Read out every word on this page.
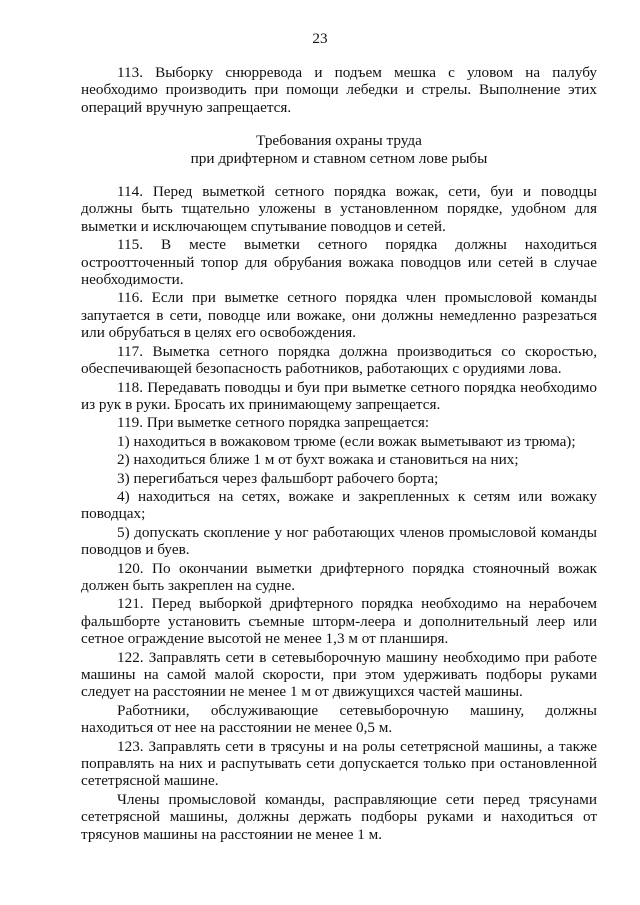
23

113. Выборку снюрревода и подъем мешка с уловом на палубу необходимо производить при помощи лебедки и стрелы. Выполнение этих операций вручную запрещается.

Требования охраны труда
при дрифтерном и ставном сетном лове рыбы

114. Перед выметкой сетного порядка вожак, сети, буи и поводцы должны быть тщательно уложены в установленном порядке, удобном для выметки и исключающем спутывание поводцов и сетей.

115. В месте выметки сетного порядка должны находиться остроотточенный топор для обрубания вожака поводцов или сетей в случае необходимости.

116. Если при выметке сетного порядка член промысловой команды запутается в сети, поводце или вожаке, они должны немедленно разрезаться или обрубаться в целях его освобождения.

117. Выметка сетного порядка должна производиться со скоростью, обеспечивающей безопасность работников, работающих с орудиями лова.

118. Передавать поводцы и буи при выметке сетного порядка необходимо из рук в руки. Бросать их принимающему запрещается.

119. При выметке сетного порядка запрещается:

1) находиться в вожаковом трюме (если вожак выметывают из трюма);

2) находиться ближе 1 м от бухт вожака и становиться на них;

3) перегибаться через фальшборт рабочего борта;

4) находиться на сетях, вожаке и закрепленных к сетям или вожаку поводцах;

5) допускать скопление у ног работающих членов промысловой команды поводцов и буев.

120. По окончании выметки дрифтерного порядка стояночный вожак должен быть закреплен на судне.

121. Перед выборкой дрифтерного порядка необходимо на нерабочем фальшборте установить съемные шторм-леера и дополнительный леер или сетное ограждение высотой не менее 1,3 м от планширя.

122. Заправлять сети в сетевыборочную машину необходимо при работе машины на самой малой скорости, при этом удерживать подборы руками следует на расстоянии не менее 1 м от движущихся частей машины.

Работники, обслуживающие сетевыборочную машину, должны находиться от нее на расстоянии не менее 0,5 м.

123. Заправлять сети в трясуны и на ролы сететрясной машины, а также поправлять на них и распутывать сети допускается только при остановленной сететрясной машине.

Члены промысловой команды, расправляющие сети перед трясунами сететрясной машины, должны держать подборы руками и находиться от трясунов машины на расстоянии не менее 1 м.
